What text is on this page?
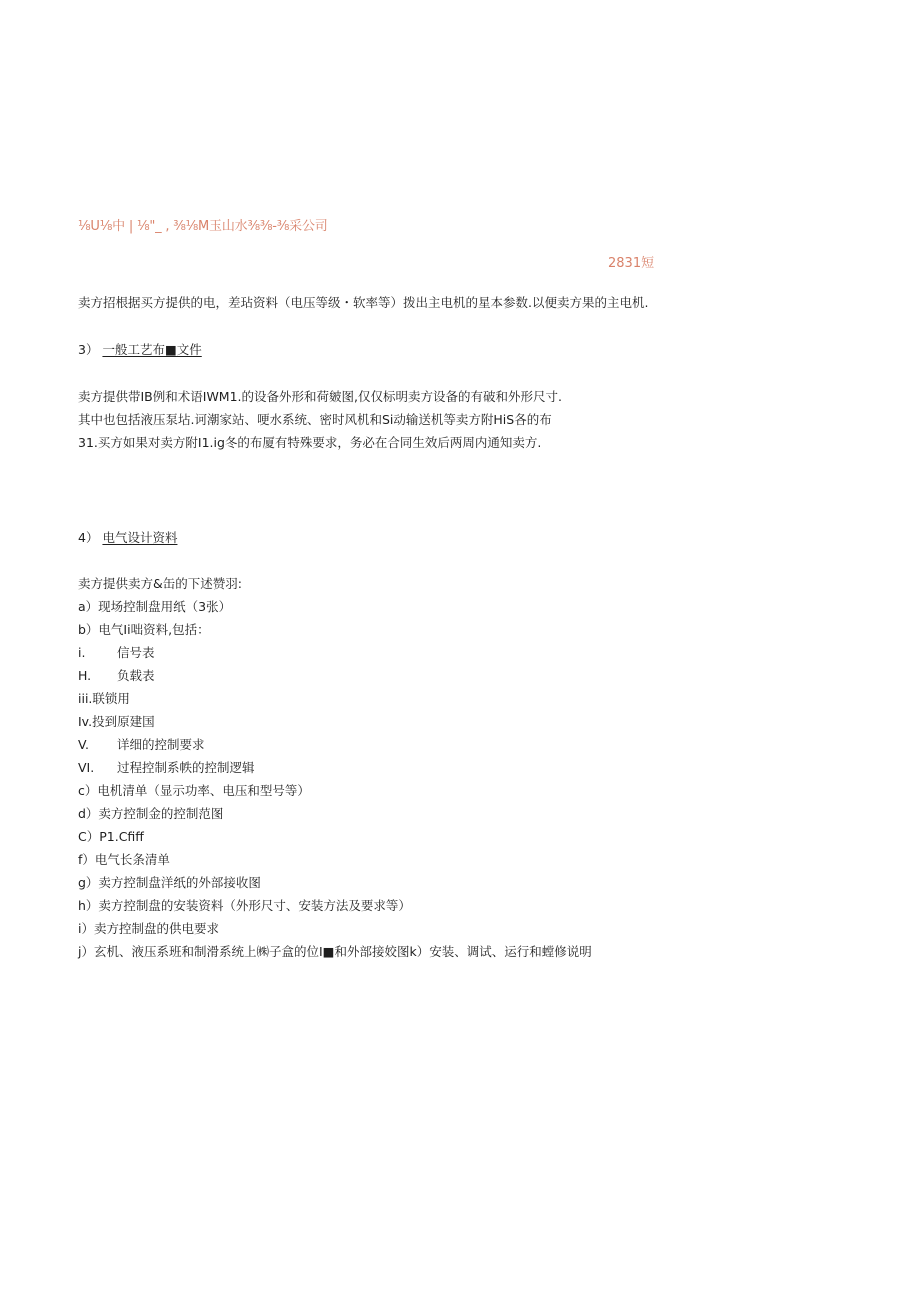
⅛U⅛中 | ⅛"_ , ⅜⅛M玉山水⅜⅜-⅜采公司
2831短
卖方招根据买方提供的电，差玷资料（电压等级・软率等）拨出主电机的星本参数.以便卖方果的主电机.
3） 一般工艺布■文件
卖方提供带IB例和术语IWM1.的设备外形和荷皴图,仅仅标明卖方设备的有破和外形尺寸.
其中也包括液压泵坫.诃潮家站、哽水系统、密时风机和Si动输送机等卖方附HiS各的布
31.买方如果对卖方附I1.ig冬的布厦有特殊要求，务必在合同生效后两周内通知卖方.
4） 电气设计资料
卖方提供卖方&缶的下述赞羽:
a）现场控制盘用纸（3张）
b）电气Ii咄资料,包括：
i.	信号表
H. 负载表
iii.联锁用
Iv.投到原建国
V. 详细的控制要求
VI. 过程控制系帙的控制逻辑
c）电机清单（显示功率、电压和型号等）
d）卖方控制金的控制范图
C）P1.Cfiff
f）电气长条清单
g）卖方控制盘洋纸的外部接收图
h）卖方控制盘的安装资料（外形尺寸、安装方法及要求等）
i）卖方控制盘的供电要求
j）玄机、液压系班和制滑系统上㈱子盒的位I■和外部接姣图k）安装、调试、运行和螳修说明
